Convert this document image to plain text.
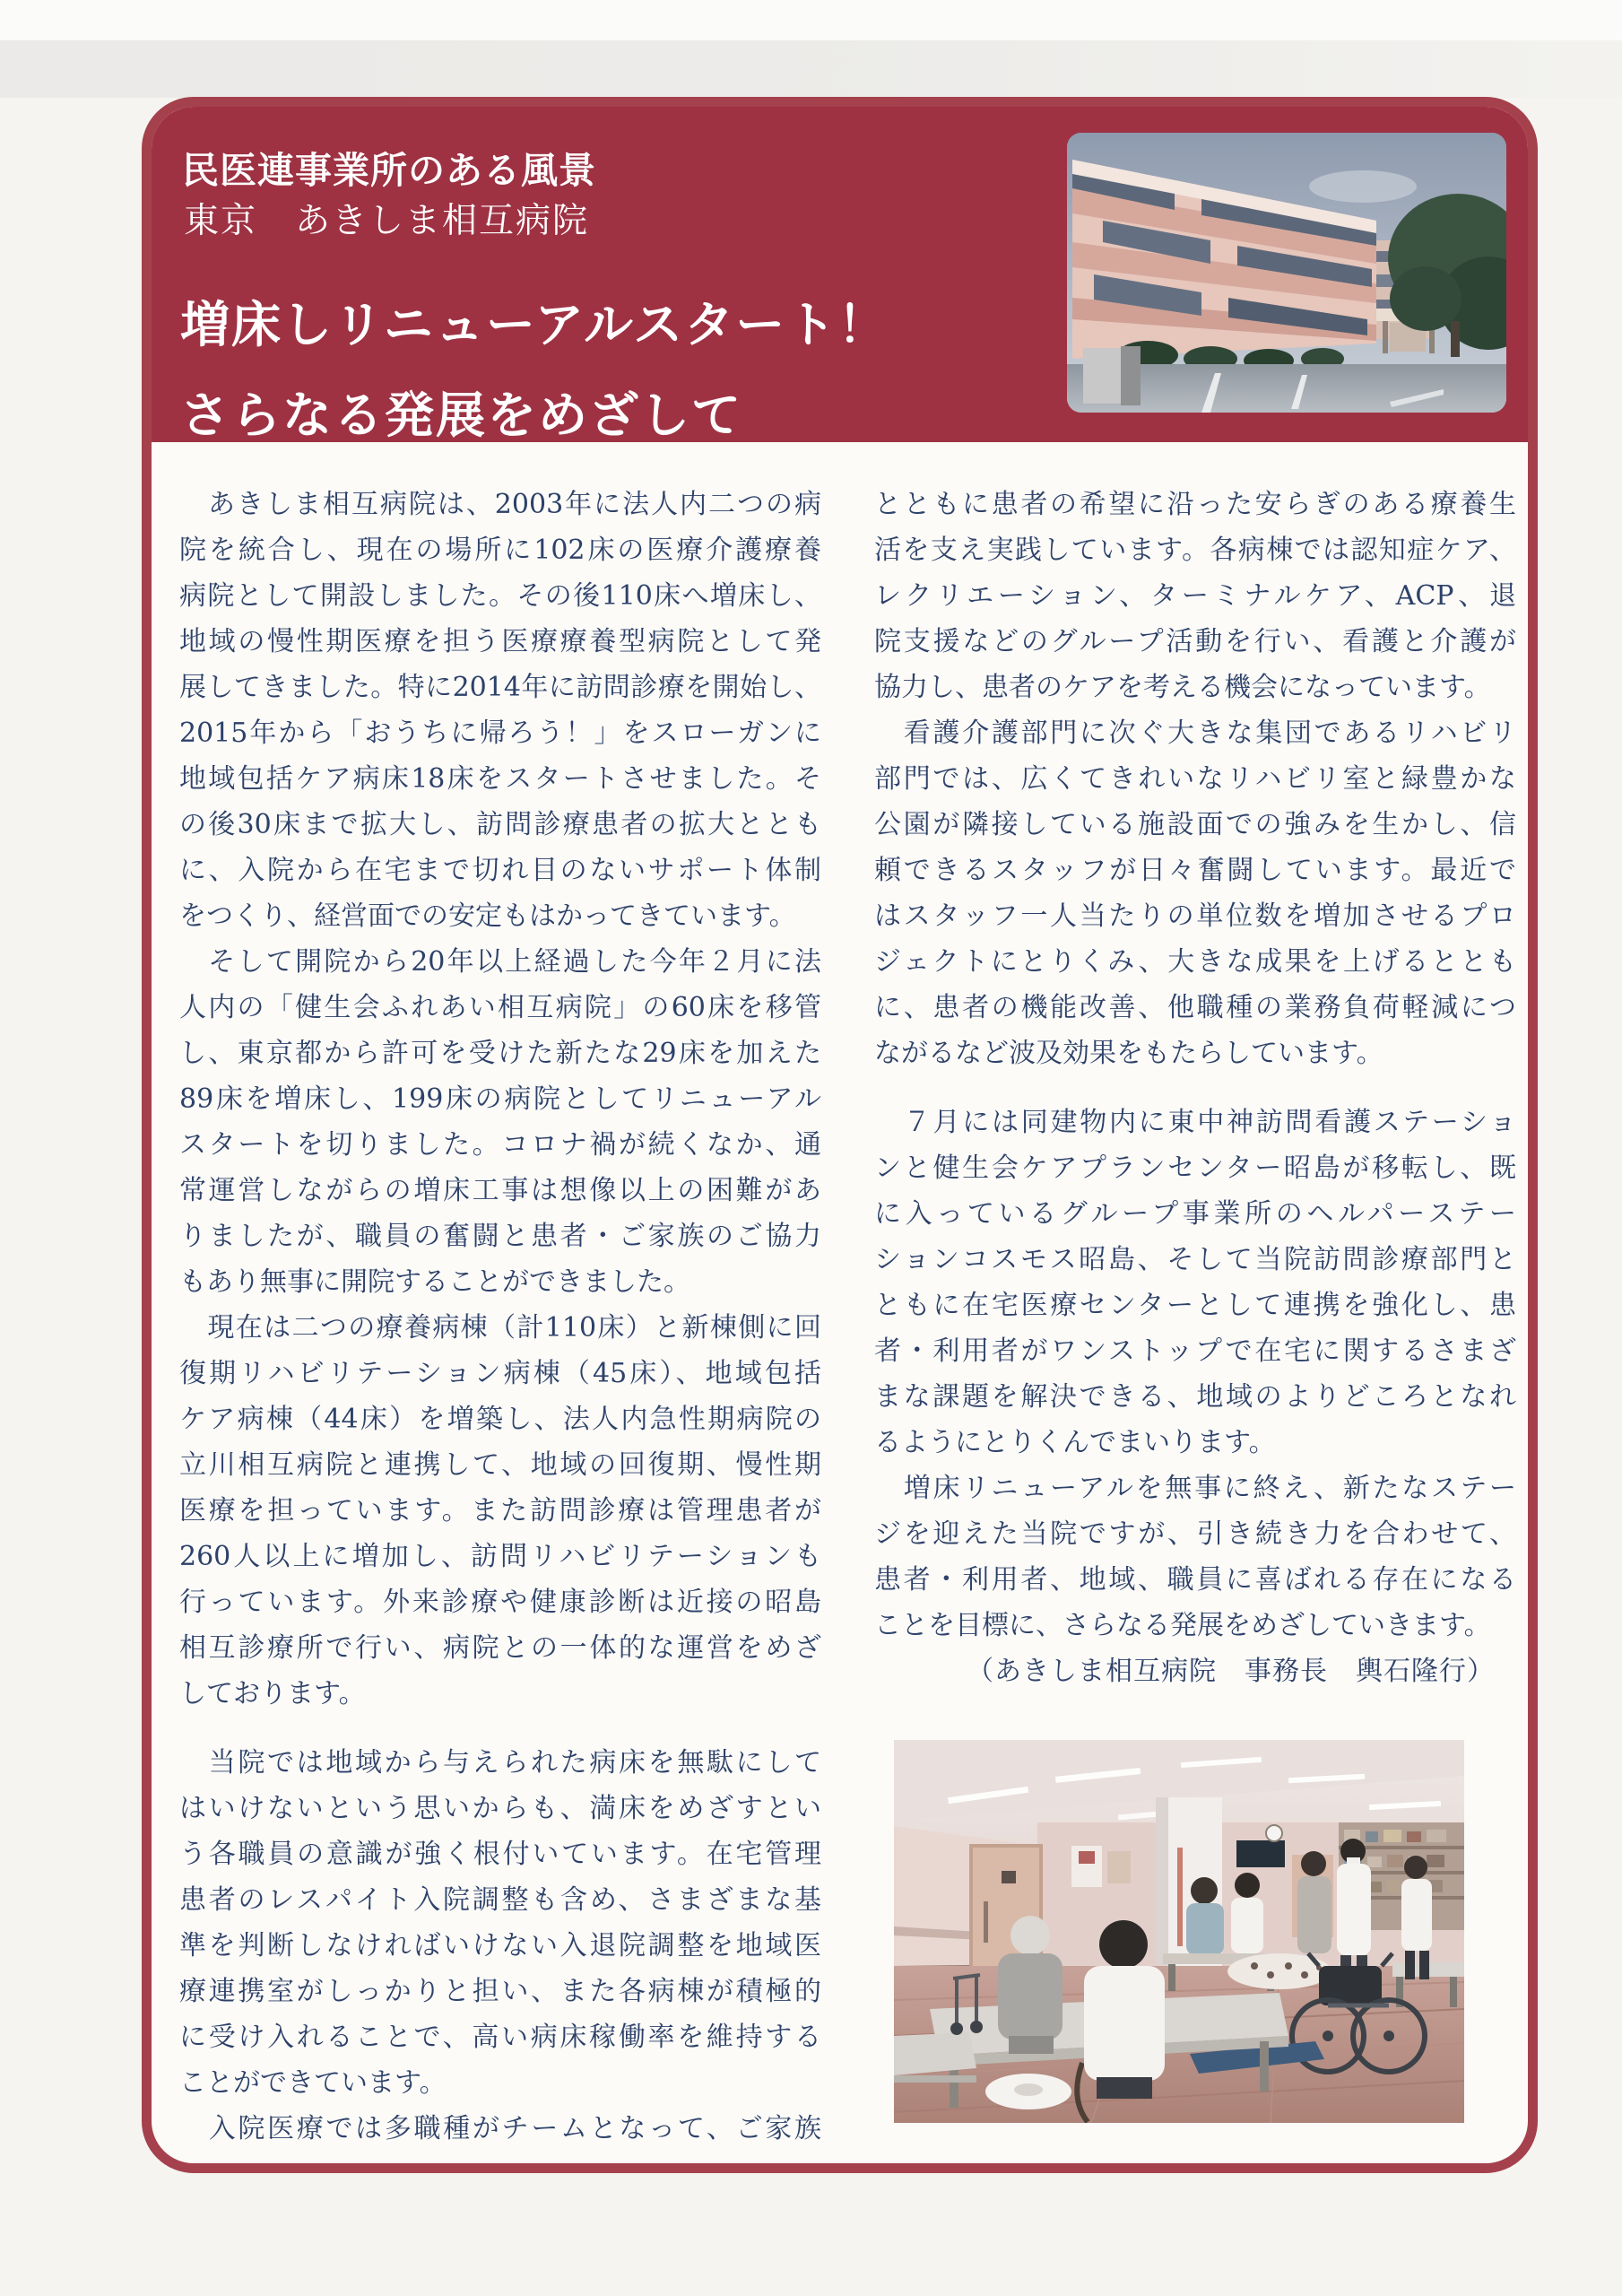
民医連事業所のある風景
東京 あきしま相互病院
増床しリニューアルスタート！
さらなる発展をめざして
　あきしま相互病院は、2003年に法人内二つの病
院を統合し、現在の場所に102床の医療介護療養
病院として開設しました。その後110床へ増床し、
地域の慢性期医療を担う医療療養型病院として発
展してきました。特に2014年に訪問診療を開始し、
2015年から「おうちに帰ろう！」をスローガンに
地域包括ケア病床18床をスタートさせました。そ
の後30床まで拡大し、訪問診療患者の拡大ととも
に、入院から在宅まで切れ目のないサポート体制
をつくり、経営面での安定もはかってきています。
　そして開院から20年以上経過した今年２月に法
人内の「健生会ふれあい相互病院」の60床を移管
し、東京都から許可を受けた新たな29床を加えた
89床を増床し、199床の病院としてリニューアル
スタートを切りました。コロナ禍が続くなか、通
常運営しながらの増床工事は想像以上の困難があ
りましたが、職員の奮闘と患者・ご家族のご協力
もあり無事に開院することができました。
　現在は二つの療養病棟（計110床）と新棟側に回
復期リハビリテーション病棟（45床）、地域包括
ケア病棟（44床）を増築し、法人内急性期病院の
立川相互病院と連携して、地域の回復期、慢性期
医療を担っています。また訪問診療は管理患者が
260人以上に増加し、訪問リハビリテーションも
行っています。外来診療や健康診断は近接の昭島
相互診療所で行い、病院との一体的な運営をめざ
しております。
　当院では地域から与えられた病床を無駄にして
はいけないという思いからも、満床をめざすとい
う各職員の意識が強く根付いています。在宅管理
患者のレスパイト入院調整も含め、さまざまな基
準を判断しなければいけない入退院調整を地域医
療連携室がしっかりと担い、また各病棟が積極的
に受け入れることで、高い病床稼働率を維持する
ことができています。
　入院医療では多職種がチームとなって、ご家族
とともに患者の希望に沿った安らぎのある療養生
活を支え実践しています。各病棟では認知症ケア、
レクリエーション、ターミナルケア、ACP、退
院支援などのグループ活動を行い、看護と介護が
協力し、患者のケアを考える機会になっています。
　看護介護部門に次ぐ大きな集団であるリハビリ
部門では、広くてきれいなリハビリ室と緑豊かな
公園が隣接している施設面での強みを生かし、信
頼できるスタッフが日々奮闘しています。最近で
はスタッフ一人当たりの単位数を増加させるプロ
ジェクトにとりくみ、大きな成果を上げるととも
に、患者の機能改善、他職種の業務負荷軽減につ
ながるなど波及効果をもたらしています。
　７月には同建物内に東中神訪問看護ステーショ
ンと健生会ケアプランセンター昭島が移転し、既
に入っているグループ事業所のヘルパーステー
ションコスモス昭島、そして当院訪問診療部門と
ともに在宅医療センターとして連携を強化し、患
者・利用者がワンストップで在宅に関するさまざ
まな課題を解決できる、地域のよりどころとなれ
るようにとりくんでまいります。
　増床リニューアルを無事に終え、新たなステー
ジを迎えた当院ですが、引き続き力を合わせて、
患者・利用者、地域、職員に喜ばれる存在になる
ことを目標に、さらなる発展をめざしていきます。
（あきしま相互病院　事務長　輿石隆行）
